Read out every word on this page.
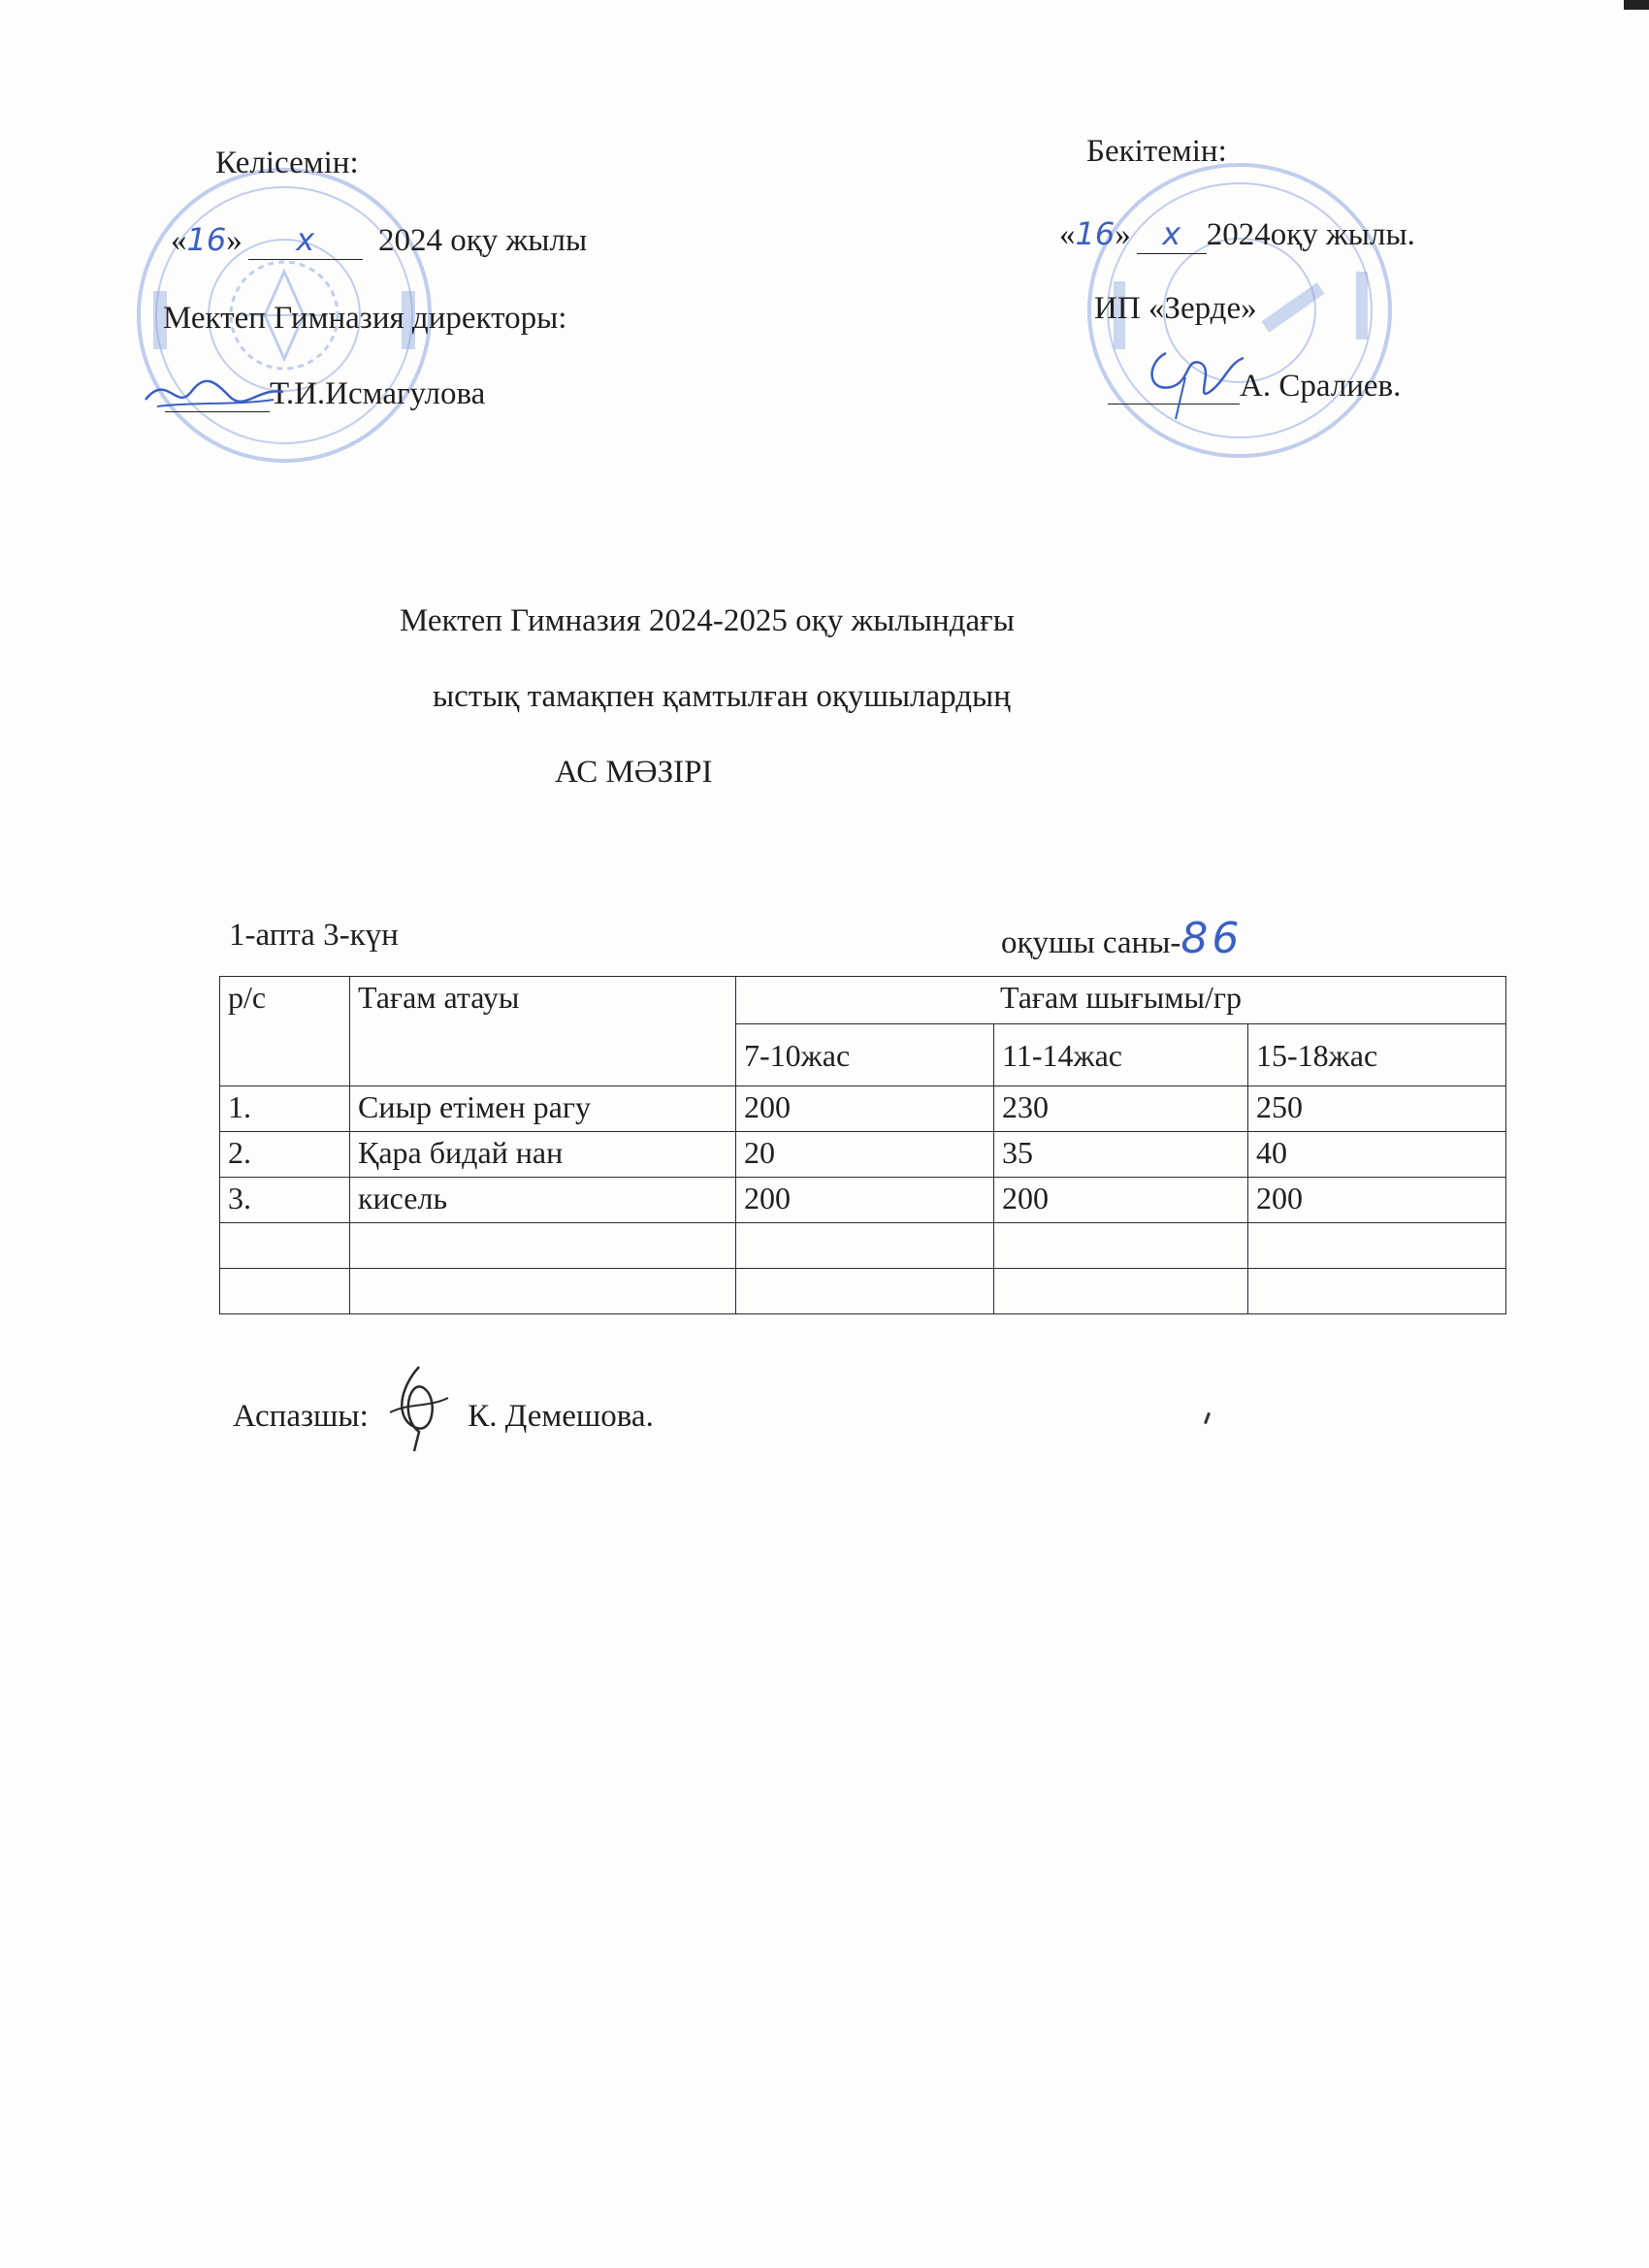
Келісемін:
«16» х 2024 оқу жылы
Мектеп Гимназия директоры:
Т.И.Исмагулова
Бекітемін:
«16» х 2024оқу жылы.
ИП «Зерде»
А. Сралиев.
Мектеп Гимназия 2024-2025 оқу жылындағы
ыстық тамақпен қамтылған оқушылардың
АС МӘЗІРІ
1-апта 3-күн	оқушы саны-86
р/с	Тағам атауы	Тағам шығымы/гр		
		7-10жас	11-14жас	15-18жас
1.	Сиыр етімен рагу	200	230	250
2.	Қара бидай нан	20	35	40
3.	кисель	200	200	200

Аспазшы:	К. Демешова.
